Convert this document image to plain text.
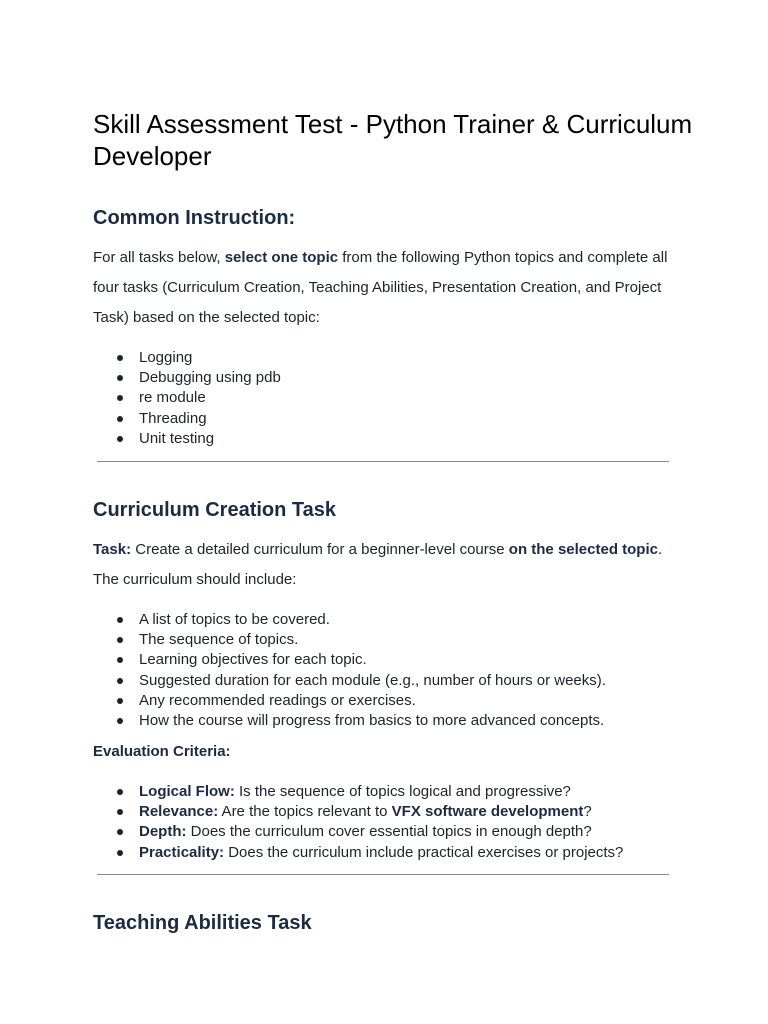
Skill Assessment Test - Python Trainer & Curriculum Developer
Common Instruction:

For all tasks below, select one topic from the following Python topics and complete all four tasks (Curriculum Creation, Teaching Abilities, Presentation Creation, and Project Task) based on the selected topic:

Logging
Debugging using pdb
re module
Threading
Unit testing
Curriculum Creation Task

Task: Create a detailed curriculum for a beginner-level course on the selected topic.
The curriculum should include:

A list of topics to be covered.
The sequence of topics.
Learning objectives for each topic.
Suggested duration for each module (e.g., number of hours or weeks).
Any recommended readings or exercises.
How the course will progress from basics to more advanced concepts.
Evaluation Criteria:
Logical Flow: Is the sequence of topics logical and progressive?
Relevance: Are the topics relevant to VFX software development?
Depth: Does the curriculum cover essential topics in enough depth?
Practicality: Does the curriculum include practical exercises or projects?
Teaching Abilities Task
